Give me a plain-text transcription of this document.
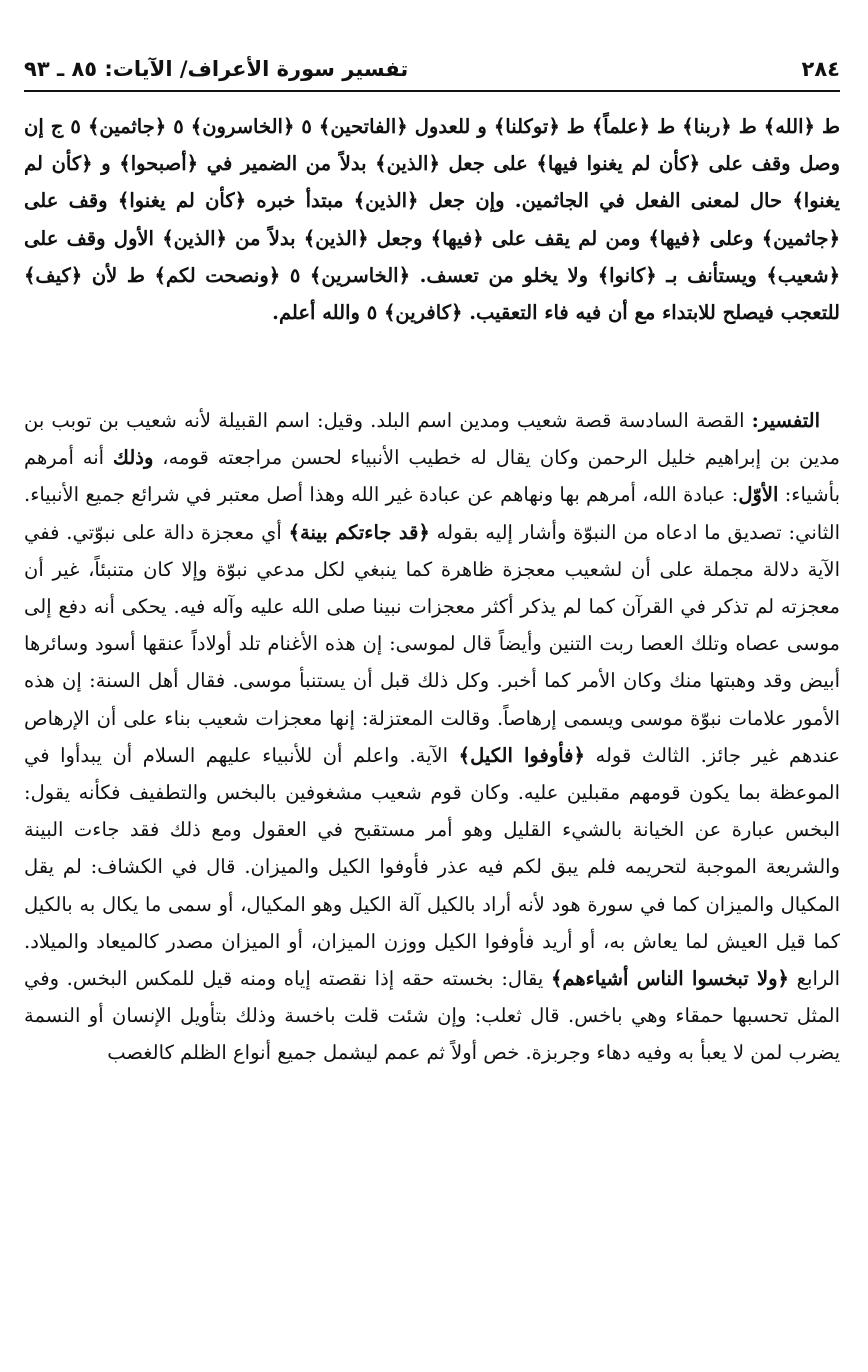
٢٨٤
تفسير سورة الأعراف/ الآيات: ٨٥ ـ ٩٣

ط ﴿الله﴾ ط ﴿ربنا﴾ ط ﴿علماً﴾ ط ﴿توكلنا﴾ و للعدول ﴿الفاتحين﴾ ٥ ﴿الخاسرون﴾ ٥ ﴿جاثمين﴾ ٥ ج إن وصل وقف على ﴿كأن لم يغنوا فيها﴾ على جعل ﴿الذين﴾ بدلاً من الضمير في ﴿أصبحوا﴾ و ﴿كأن لم يغنوا﴾ حال لمعنى الفعل في الجاثمين. وإن جعل ﴿الذين﴾ مبتدأ خبره ﴿كأن لم يغنوا﴾ وقف على ﴿جاثمين﴾ وعلى ﴿فيها﴾ ومن لم يقف على ﴿فيها﴾ وجعل ﴿الذين﴾ بدلاً من ﴿الذين﴾ الأول وقف على ﴿شعيب﴾ ويستأنف بـ ﴿كانوا﴾ ولا يخلو من تعسف. ﴿الخاسرين﴾ ٥ ﴿ونصحت لكم﴾ ط لأن ﴿كيف﴾ للتعجب فيصلح للابتداء مع أن فيه فاء التعقيب. ﴿كافرين﴾ ٥ والله أعلم.

التفسير: القصة السادسة قصة شعيب ومدين اسم البلد. وقيل: اسم القبيلة لأنه شعيب بن توبب بن مدين بن إبراهيم خليل الرحمن وكان يقال له خطيب الأنبياء لحسن مراجعته قومه، وذلك أنه أمرهم بأشياء: الأوّل: عبادة الله، أمرهم بها ونهاهم عن عبادة غير الله وهذا أصل معتبر في شرائع جميع الأنبياء. الثاني: تصديق ما ادعاه من النبوّة وأشار إليه بقوله ﴿قد جاءتكم بينة﴾ أي معجزة دالة على نبوّتي. ففي الآية دلالة مجملة على أن لشعيب معجزة ظاهرة كما ينبغي لكل مدعي نبوّة وإلا كان متنبئاً، غير أن معجزته لم تذكر في القرآن كما لم يذكر أكثر معجزات نبينا صلى الله عليه وآله فيه. يحكى أنه دفع إلى موسى عصاه وتلك العصا ربت التنين وأيضاً قال لموسى: إن هذه الأغنام تلد أولاداً عنقها أسود وسائرها أبيض وقد وهبتها منك وكان الأمر كما أخبر. وكل ذلك قبل أن يستنبأ موسى. فقال أهل السنة: إن هذه الأمور علامات نبوّة موسى ويسمى إرهاصاً. وقالت المعتزلة: إنها معجزات شعيب بناء على أن الإرهاص عندهم غير جائز. الثالث قوله ﴿فأوفوا الكيل﴾ الآية. واعلم أن للأنبياء عليهم السلام أن يبدأوا في الموعظة بما يكون قومهم مقبلين عليه. وكان قوم شعيب مشغوفين بالبخس والتطفيف فكأنه يقول: البخس عبارة عن الخيانة بالشيء القليل وهو أمر مستقبح في العقول ومع ذلك فقد جاءت البينة والشريعة الموجبة لتحريمه فلم يبق لكم فيه عذر فأوفوا الكيل والميزان. قال في الكشاف: لم يقل المكيال والميزان كما في سورة هود لأنه أراد بالكيل آلة الكيل وهو المكيال، أو سمى ما يكال به بالكيل كما قيل العيش لما يعاش به، أو أريد فأوفوا الكيل ووزن الميزان، أو الميزان مصدر كالميعاد والميلاد. الرابع ﴿ولا تبخسوا الناس أشياءهم﴾ يقال: بخسته حقه إذا نقصته إياه ومنه قيل للمكس البخس. وفي المثل تحسبها حمقاء وهي باخس. قال ثعلب: وإن شئت قلت باخسة وذلك بتأويل الإنسان أو النسمة يضرب لمن لا يعبأ به وفيه دهاء وجربزة. خص أولاً ثم عمم ليشمل جميع أنواع الظلم كالغصب
